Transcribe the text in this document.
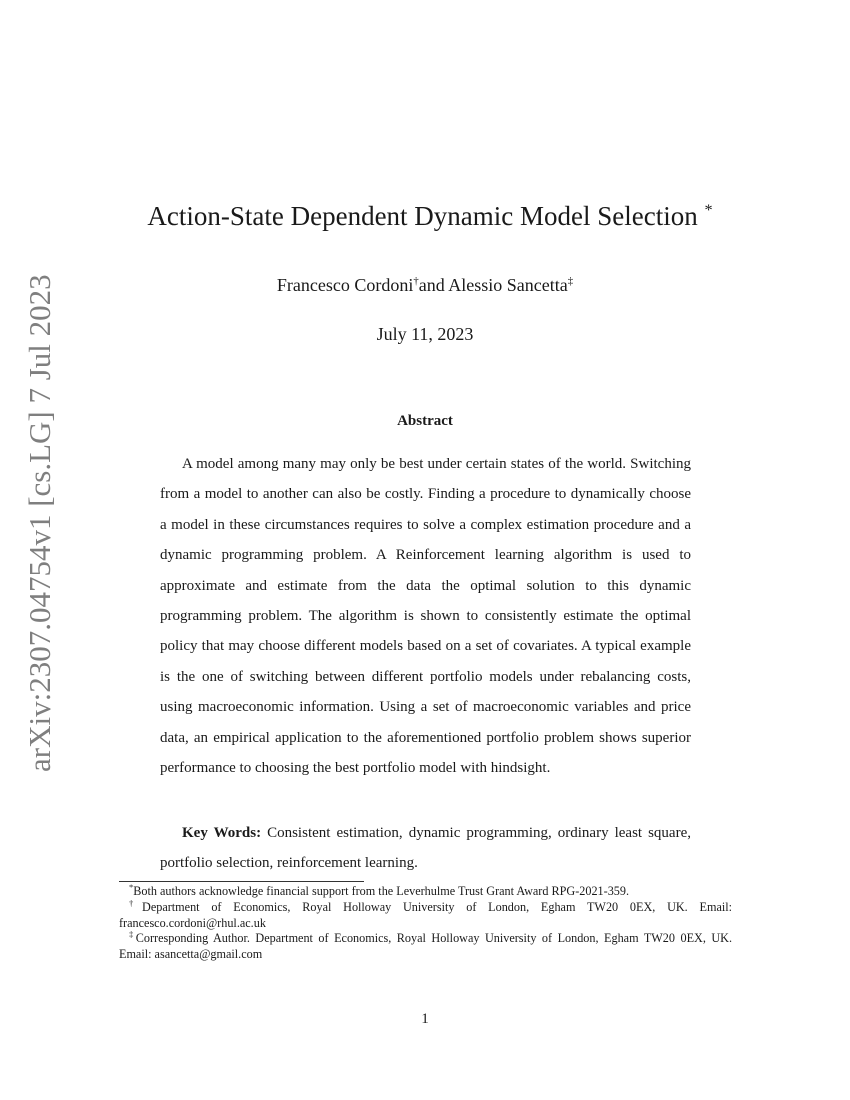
arXiv:2307.04754v1 [cs.LG] 7 Jul 2023
Action-State Dependent Dynamic Model Selection *
Francesco Cordoni†and Alessio Sancetta‡
July 11, 2023
Abstract

A model among many may only be best under certain states of the world. Switching from a model to another can also be costly. Finding a procedure to dynamically choose a model in these circumstances requires to solve a complex estimation procedure and a dynamic programming problem. A Reinforcement learning algorithm is used to approximate and estimate from the data the optimal solution to this dynamic programming problem. The algorithm is shown to consistently estimate the optimal policy that may choose different models based on a set of covariates. A typical example is the one of switching between different portfolio models under rebalancing costs, using macroeconomic information. Using a set of macroeconomic variables and price data, an empirical application to the aforementioned portfolio problem shows superior performance to choosing the best portfolio model with hindsight.

Key Words: Consistent estimation, dynamic programming, ordinary least square, portfolio selection, reinforcement learning.

*Both authors acknowledge financial support from the Leverhulme Trust Grant Award RPG-2021-359.

†Department of Economics, Royal Holloway University of London, Egham TW20 0EX, UK. Email: francesco.cordoni@rhul.ac.uk

‡Corresponding Author. Department of Economics, Royal Holloway University of London, Egham TW20 0EX, UK. Email: asancetta@gmail.com

1
